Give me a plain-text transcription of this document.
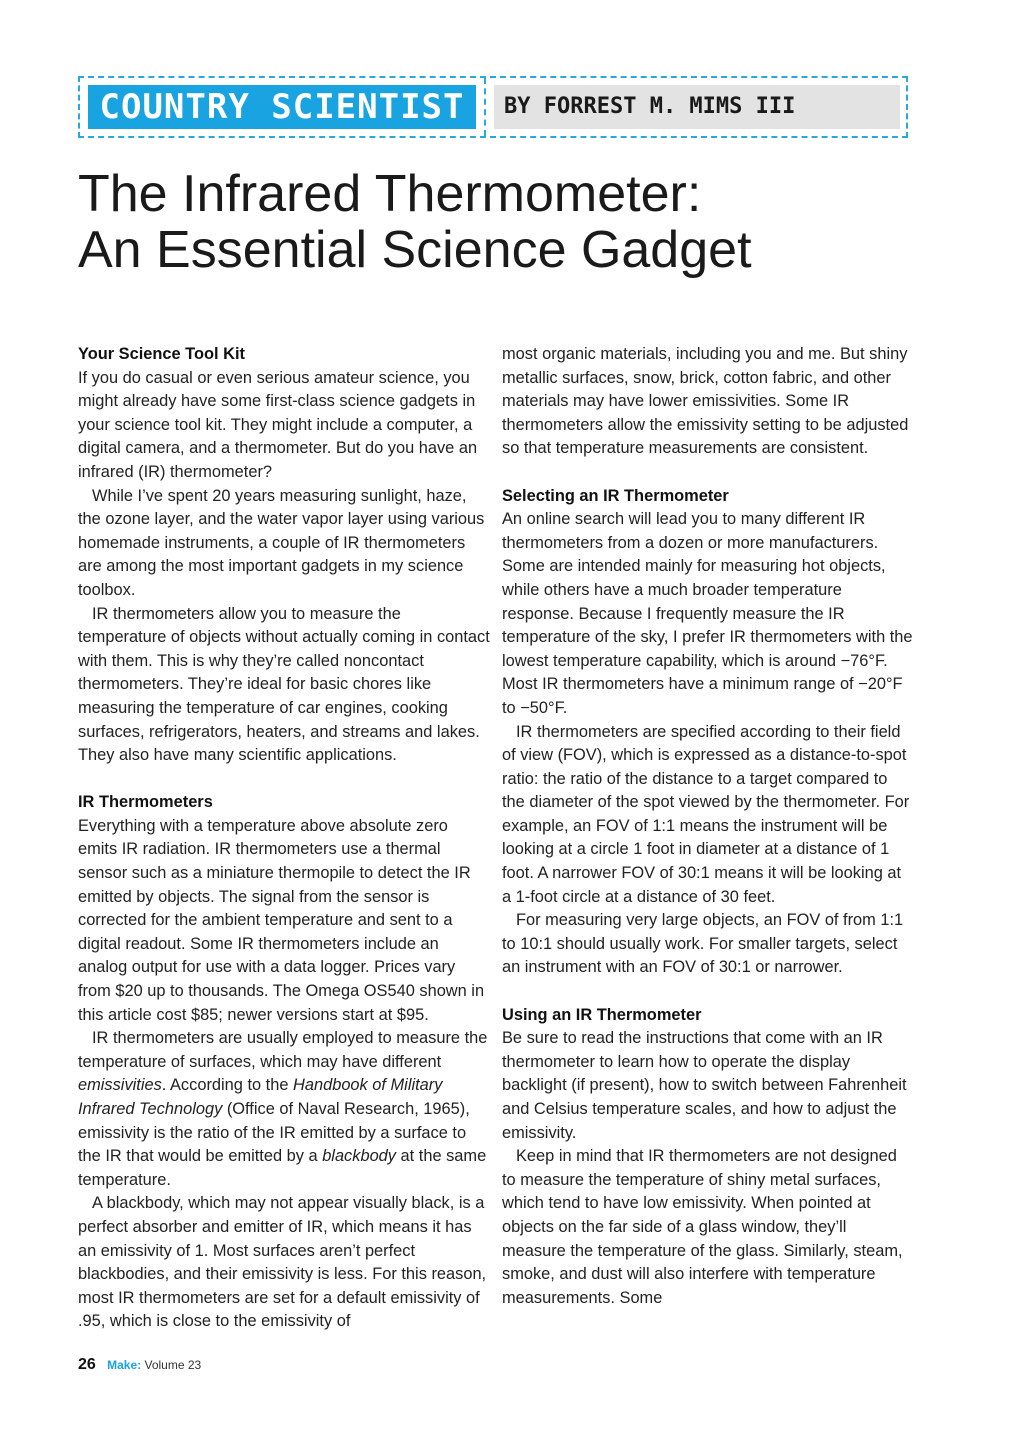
COUNTRY SCIENTIST	BY FORREST M. MIMS III
The Infrared Thermometer:
An Essential Science Gadget
Your Science Tool Kit

If you do casual or even serious amateur science, you might already have some first-class science gadgets in your science tool kit. They might include a computer, a digital camera, and a thermometer. But do you have an infrared (IR) thermometer?

While I’ve spent 20 years measuring sunlight, haze, the ozone layer, and the water vapor layer using various homemade instruments, a couple of IR thermometers are among the most important gadgets in my science toolbox.

IR thermometers allow you to measure the temperature of objects without actually coming in contact with them. This is why they’re called noncontact thermometers. They’re ideal for basic chores like measuring the temperature of car engines, cooking surfaces, refrigerators, heaters, and streams and lakes. They also have many scientific applications.

IR Thermometers

Everything with a temperature above absolute zero emits IR radiation. IR thermometers use a thermal sensor such as a miniature thermopile to detect the IR emitted by objects. The signal from the sensor is corrected for the ambient temperature and sent to a digital readout. Some IR thermometers include an analog output for use with a data logger. Prices vary from $20 up to thousands. The Omega OS540 shown in this article cost $85; newer versions start at $95.

IR thermometers are usually employed to measure the temperature of surfaces, which may have different emissivities. According to the Handbook of Military Infrared Technology (Office of Naval Research, 1965), emissivity is the ratio of the IR emitted by a surface to the IR that would be emitted by a blackbody at the same temperature.

A blackbody, which may not appear visually black, is a perfect absorber and emitter of IR, which means it has an emissivity of 1. Most surfaces aren’t perfect blackbodies, and their emissivity is less. For this reason, most IR thermometers are set for a default emissivity of .95, which is close to the emissivity of

most organic materials, including you and me. But shiny metallic surfaces, snow, brick, cotton fabric, and other materials may have lower emissivities. Some IR thermometers allow the emissivity setting to be adjusted so that temperature measurements are consistent.

Selecting an IR Thermometer

An online search will lead you to many different IR thermometers from a dozen or more manufacturers. Some are intended mainly for measuring hot objects, while others have a much broader temperature response. Because I frequently measure the IR temperature of the sky, I prefer IR thermometers with the lowest temperature capability, which is around −76°F. Most IR thermometers have a minimum range of −20°F to −50°F.

IR thermometers are specified according to their field of view (FOV), which is expressed as a distance-to-spot ratio: the ratio of the distance to a target compared to the diameter of the spot viewed by the thermometer. For example, an FOV of 1:1 means the instrument will be looking at a circle 1 foot in diameter at a distance of 1 foot. A narrower FOV of 30:1 means it will be looking at a 1-foot circle at a distance of 30 feet.

For measuring very large objects, an FOV of from 1:1 to 10:1 should usually work. For smaller targets, select an instrument with an FOV of 30:1 or narrower.

Using an IR Thermometer

Be sure to read the instructions that come with an IR thermometer to learn how to operate the display backlight (if present), how to switch between Fahrenheit and Celsius temperature scales, and how to adjust the emissivity.

Keep in mind that IR thermometers are not designed to measure the temperature of shiny metal surfaces, which tend to have low emissivity. When pointed at objects on the far side of a glass window, they’ll measure the temperature of the glass. Similarly, steam, smoke, and dust will also interfere with temperature measurements. Some

26 Make: Volume 23
